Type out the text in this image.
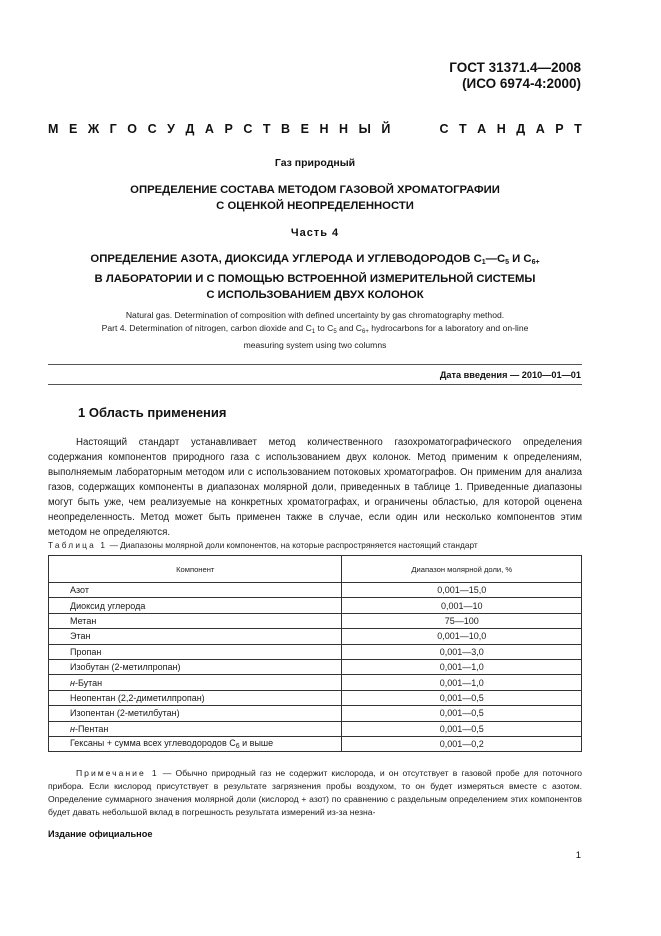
ГОСТ 31371.4—2008
(ИСО 6974-4:2000)
М Е Ж Г О С У Д А Р С Т В Е Н Н Ы Й	С Т А Н Д А Р Т
Газ природный
ОПРЕДЕЛЕНИЕ СОСТАВА МЕТОДОМ ГАЗОВОЙ ХРОМАТОГРАФИИ
С ОЦЕНКОЙ НЕОПРЕДЕЛЕННОСТИ
Часть 4
ОПРЕДЕЛЕНИЕ АЗОТА, ДИОКСИДА УГЛЕРОДА И УГЛЕВОДОРОДОВ С1—С5 И С6+
В ЛАБОРАТОРИИ И С ПОМОЩЬЮ ВСТРОЕННОЙ ИЗМЕРИТЕЛЬНОЙ СИСТЕМЫ
С ИСПОЛЬЗОВАНИЕМ ДВУХ КОЛОНОК
Natural gas. Determination of composition with defined uncertainty by gas chromatography method.
Part 4. Determination of nitrogen, carbon dioxide and $C_1$ to $C_5$ and $C_{6+}$ hydrocarbons for a laboratory and on-line
measuring system using two columns
Дата введения — 2010—01—01
1 Область применения
Настоящий стандарт устанавливает метод количественного газохроматографического определения содержания компонентов природного газа с использованием двух колонок. Метод применим к определениям, выполняемым лабораторным методом или с использованием потоковых хроматографов. Он применим для анализа газов, содержащих компоненты в диапазонах молярной доли, приведенных в таблице 1. Приведенные диапазоны могут быть уже, чем реализуемые на конкретных хроматографах, и ограничены областью, для которой оценена неопределенность. Метод может быть применен также в случае, если один или несколько компонентов этим методом не определяются.
Таблица 1 — Диапазоны молярной доли компонентов, на которые распростряняется настоящий стандарт
Компонент	Диапазон молярной доли, %
Азот	0,001—15,0
Диоксид углерода	0,001—10
Метан	75—100
Этан	0,001—10,0
Пропан	0,001—3,0
Изобутан (2-метилпропан)	0,001—1,0
н-Бутан	0,001—1,0
Неопентан (2,2-диметилпропан)	0,001—0,5
Изопентан (2-метилбутан)	0,001—0,5
н-Пентан	0,001—0,5
Гексаны + сумма всех углеводородов $С_6$ и выше	0,001—0,2
Примечание 1 — Обычно природный газ не содержит кислорода, и он отсутствует в газовой пробе для поточного прибора. Если кислород присутствует в результате загрязнения пробы воздухом, то он будет измеряться вместе с азотом. Определение суммарного значения молярной доли (кислород + азот) по сравнению с раздельным определением этих компонентов будет давать небольшой вклад в погрешность результата измерений из-за незна-
Издание официальное
1
